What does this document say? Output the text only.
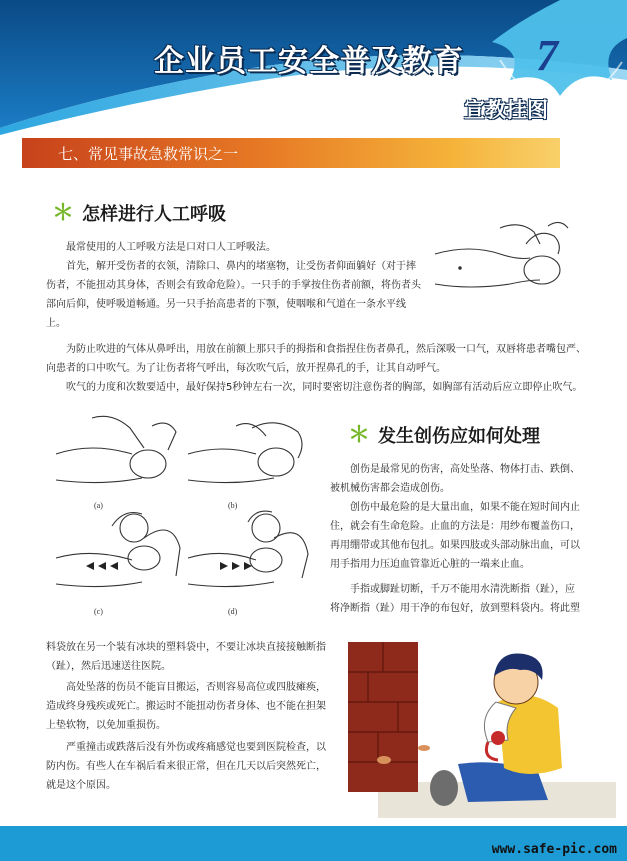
企业员工安全普及教育 7
宣教挂图
七、常见事故急救常识之一
＊ 怎样进行人工呼吸

最常使用的人工呼吸方法是口对口人工呼吸法。

首先，解开受伤者的衣领，清除口、鼻内的堵塞物，让受伤者仰面躺好（对于摔伤者，不能扭动其身体，否则会有致命危险）。一只手的手掌按住伤者前额，将伤者头部向后仰，使呼吸道畅通。另一只手抬高患者的下颚，使咽喉和气道在一条水平线上。

为防止吹进的气体从鼻呼出，用放在前额上那只手的拇指和食指捏住伤者鼻孔，然后深吸一口气，双唇将患者嘴包严、向患者的口中吹气。为了让伤者将气呼出，每次吹气后，放开捏鼻孔的手，让其自动呼气。

吹气的力度和次数要适中，最好保持5秒钟左右一次，同时要密切注意伤者的胸部，如胸部有活动后应立即停止吹气。

(a)	(b)
(c)	(d)
＊ 发生创伤应如何处理

创伤是最常见的伤害，高处坠落、物体打击、跌倒、被机械伤害都会造成创伤。

创伤中最危险的是大量出血，如果不能在短时间内止住，就会有生命危险。止血的方法是：用纱布覆盖伤口，再用绷带或其他布包扎。如果四肢或头部动脉出血，可以用手指用力压迫血管靠近心脏的一端来止血。

手指或脚趾切断，千万不能用水清洗断指（趾），应将净断指（趾）用干净的布包好，放到塑料袋内。将此塑

料袋放在另一个装有冰块的塑料袋中，不要让冰块直接接触断指（趾），然后迅速送往医院。

高处坠落的伤员不能盲目搬运，否则容易高位或四肢瘫痪，造成终身残疾或死亡。搬运时不能扭动伤者身体、也不能在担架上垫软物，以免加重损伤。

严重撞击或跌落后没有外伤或疼痛感觉也要到医院检查，以防内伤。有些人在车祸后看来很正常，但在几天以后突然死亡，就是这个原因。

www.safe-pic.com
